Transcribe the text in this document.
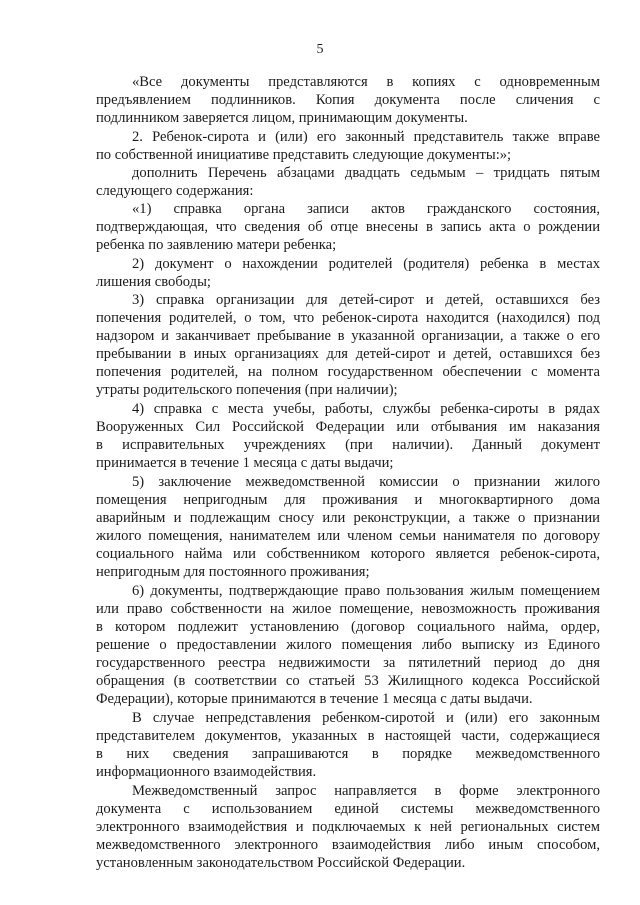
5
«Все документы представляются в копиях с одновременным
предъявлением подлинников. Копия документа после сличения с
подлинником заверяется лицом, принимающим документы.
2. Ребенок-сирота и (или) его законный представитель также вправе
по собственной инициативе представить следующие документы:»;
дополнить Перечень абзацами двадцать седьмым – тридцать пятым
следующего содержания:
«1) справка органа записи актов гражданского состояния,
подтверждающая, что сведения об отце внесены в запись акта о рождении
ребенка по заявлению матери ребенка;
2) документ о нахождении родителей (родителя) ребенка в местах
лишения свободы;
3) справка организации для детей-сирот и детей, оставшихся без
попечения родителей, о том, что ребенок-сирота находится (находился) под
надзором и заканчивает пребывание в указанной организации, а также о его
пребывании в иных организациях для детей-сирот и детей, оставшихся без
попечения родителей, на полном государственном обеспечении с момента
утраты родительского попечения (при наличии);
4) справка с места учебы, работы, службы ребенка-сироты в рядах
Вооруженных Сил Российской Федерации или отбывания им наказания
в исправительных учреждениях (при наличии). Данный документ
принимается в течение 1 месяца с даты выдачи;
5) заключение межведомственной комиссии о признании жилого
помещения непригодным для проживания и многоквартирного дома
аварийным и подлежащим сносу или реконструкции, а также о признании
жилого помещения, нанимателем или членом семьи нанимателя по договору
социального найма или собственником которого является ребенок-сирота,
непригодным для постоянного проживания;
6) документы, подтверждающие право пользования жилым помещением
или право собственности на жилое помещение, невозможность проживания
в котором подлежит установлению (договор социального найма, ордер,
решение о предоставлении жилого помещения либо выписку из Единого
государственного реестра недвижимости за пятилетний период до дня
обращения (в соответствии со статьей 53 Жилищного кодекса Российской
Федерации), которые принимаются в течение 1 месяца с даты выдачи.
В случае непредставления ребенком-сиротой и (или) его законным
представителем документов, указанных в настоящей части, содержащиеся
в них сведения запрашиваются в порядке межведомственного
информационного взаимодействия.
Межведомственный запрос направляется в форме электронного
документа с использованием единой системы межведомственного
электронного взаимодействия и подключаемых к ней региональных систем
межведомственного электронного взаимодействия либо иным способом,
установленным законодательством Российской Федерации.
